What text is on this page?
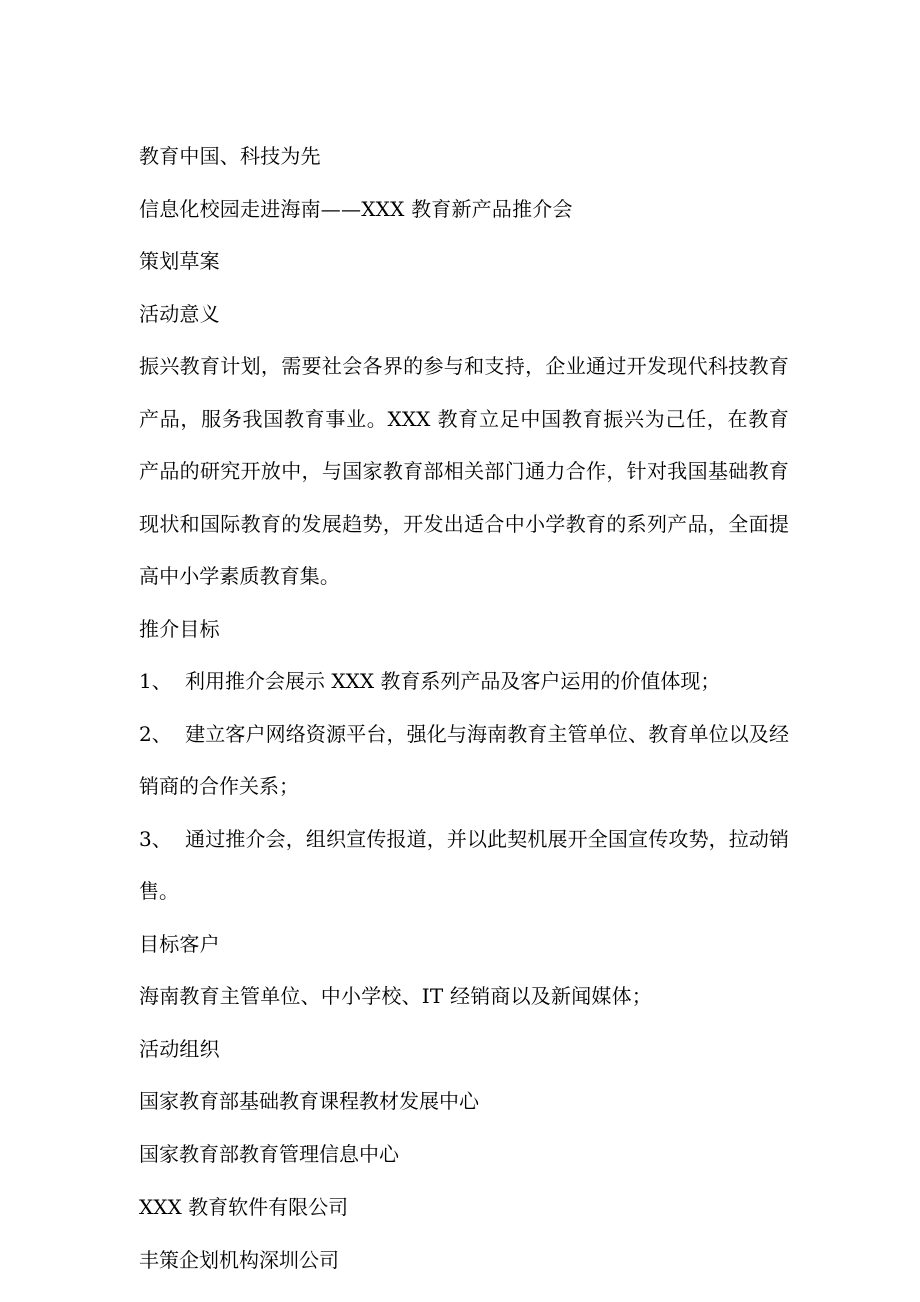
教育中国、科技为先
信息化校园走进海南——XXX 教育新产品推介会
策划草案
活动意义
振兴教育计划，需要社会各界的参与和支持，企业通过开发现代科技教育产品，服务我国教育事业。XXX 教育立足中国教育振兴为己任，在教育产品的研究开放中，与国家教育部相关部门通力合作，针对我国基础教育现状和国际教育的发展趋势，开发出适合中小学教育的系列产品，全面提高中小学素质教育集。
推介目标
1、 利用推介会展示 XXX 教育系列产品及客户运用的价值体现；
2、 建立客户网络资源平台，强化与海南教育主管单位、教育单位以及经销商的合作关系；
3、 通过推介会，组织宣传报道，并以此契机展开全国宣传攻势，拉动销售。
目标客户
海南教育主管单位、中小学校、IT 经销商以及新闻媒体；
活动组织
国家教育部基础教育课程教材发展中心
国家教育部教育管理信息中心
XXX 教育软件有限公司
丰策企划机构深圳公司
